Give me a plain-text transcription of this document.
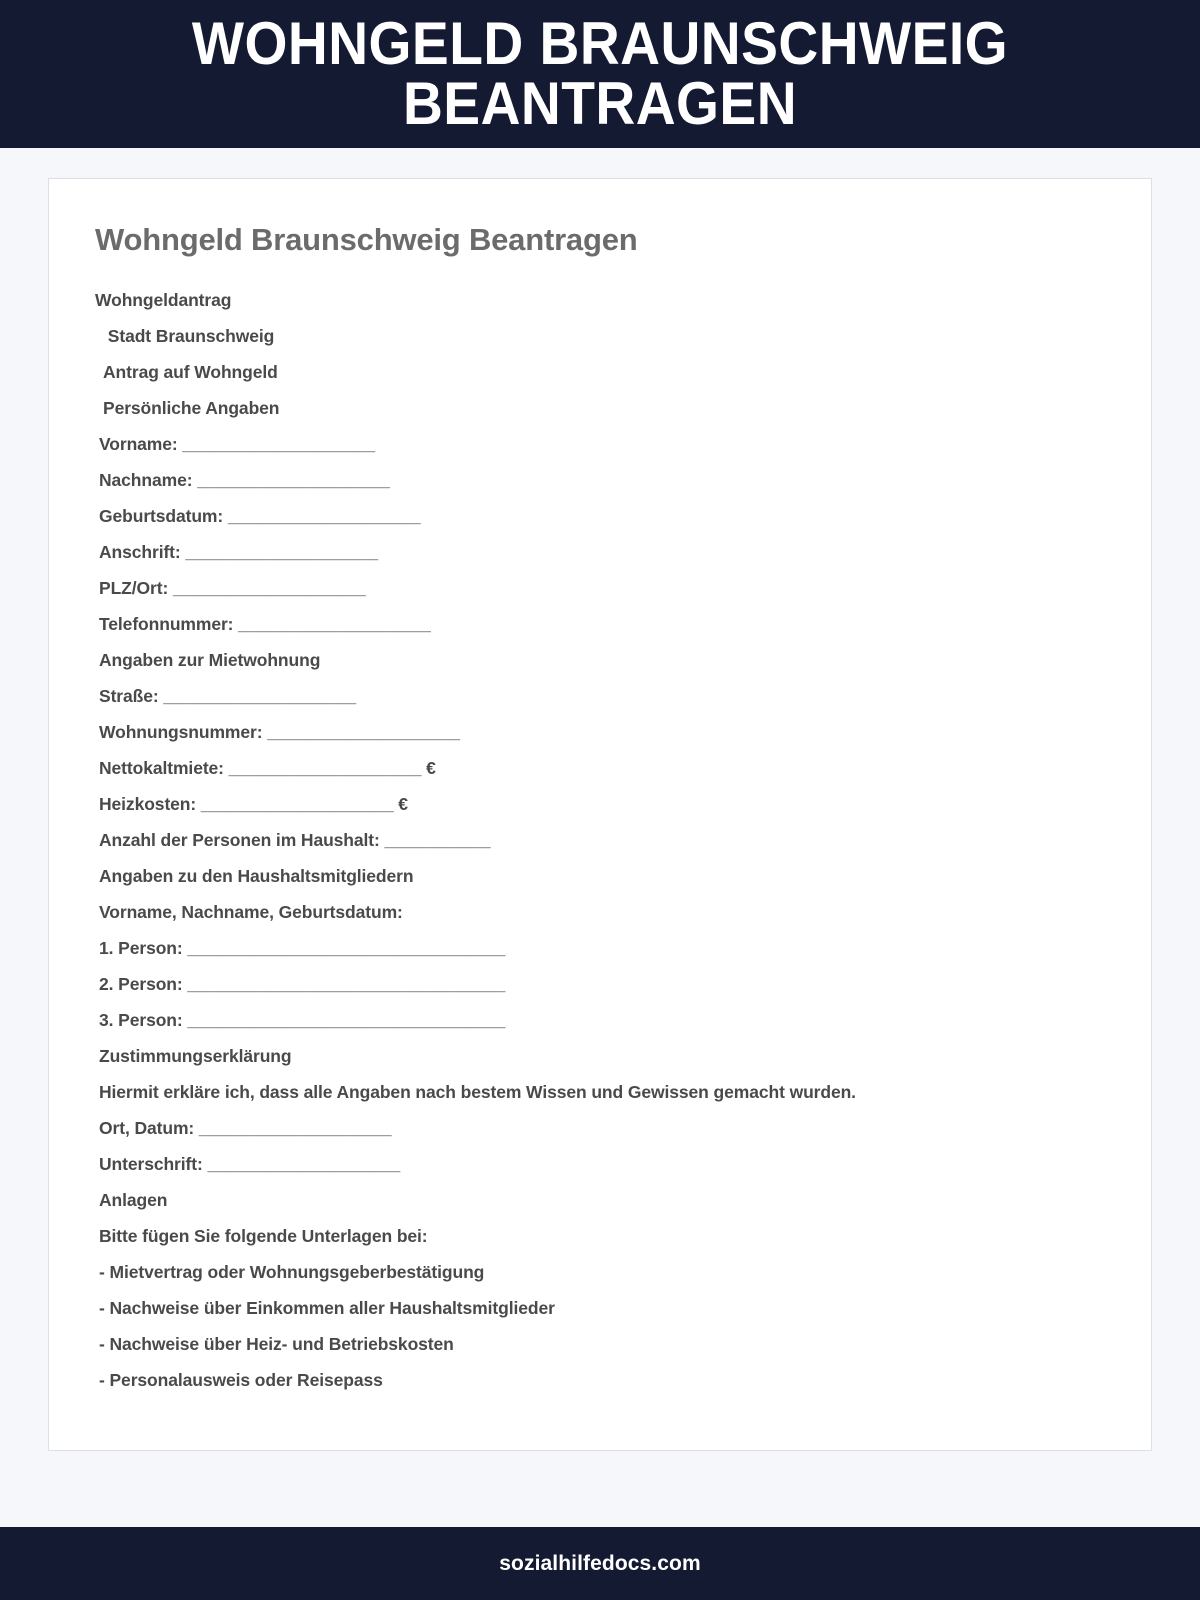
WOHNGELD BRAUNSCHWEIG BEANTRAGEN
Wohngeld Braunschweig Beantragen

Wohngeldantrag

Stadt Braunschweig

Antrag auf Wohngeld

Persönliche Angaben

Vorname: ____________________

Nachname: ____________________

Geburtsdatum: ____________________

Anschrift: ____________________

PLZ/Ort: ____________________

Telefonnummer: ____________________

Angaben zur Mietwohnung

Straße: ____________________

Wohnungsnummer: ____________________

Nettokaltmiete: ____________________ €

Heizkosten: ____________________ €

Anzahl der Personen im Haushalt: ___________

Angaben zu den Haushaltsmitgliedern

Vorname, Nachname, Geburtsdatum:

1. Person: _________________________________

2. Person: _________________________________

3. Person: _________________________________

Zustimmungserklärung

Hiermit erkläre ich, dass alle Angaben nach bestem Wissen und Gewissen gemacht wurden.

Ort, Datum: ____________________

Unterschrift: ____________________

Anlagen

Bitte fügen Sie folgende Unterlagen bei:

- Mietvertrag oder Wohnungsgeberbestätigung

- Nachweise über Einkommen aller Haushaltsmitglieder

- Nachweise über Heiz- und Betriebskosten

- Personalausweis oder Reisepass

sozialhilfedocs.com
